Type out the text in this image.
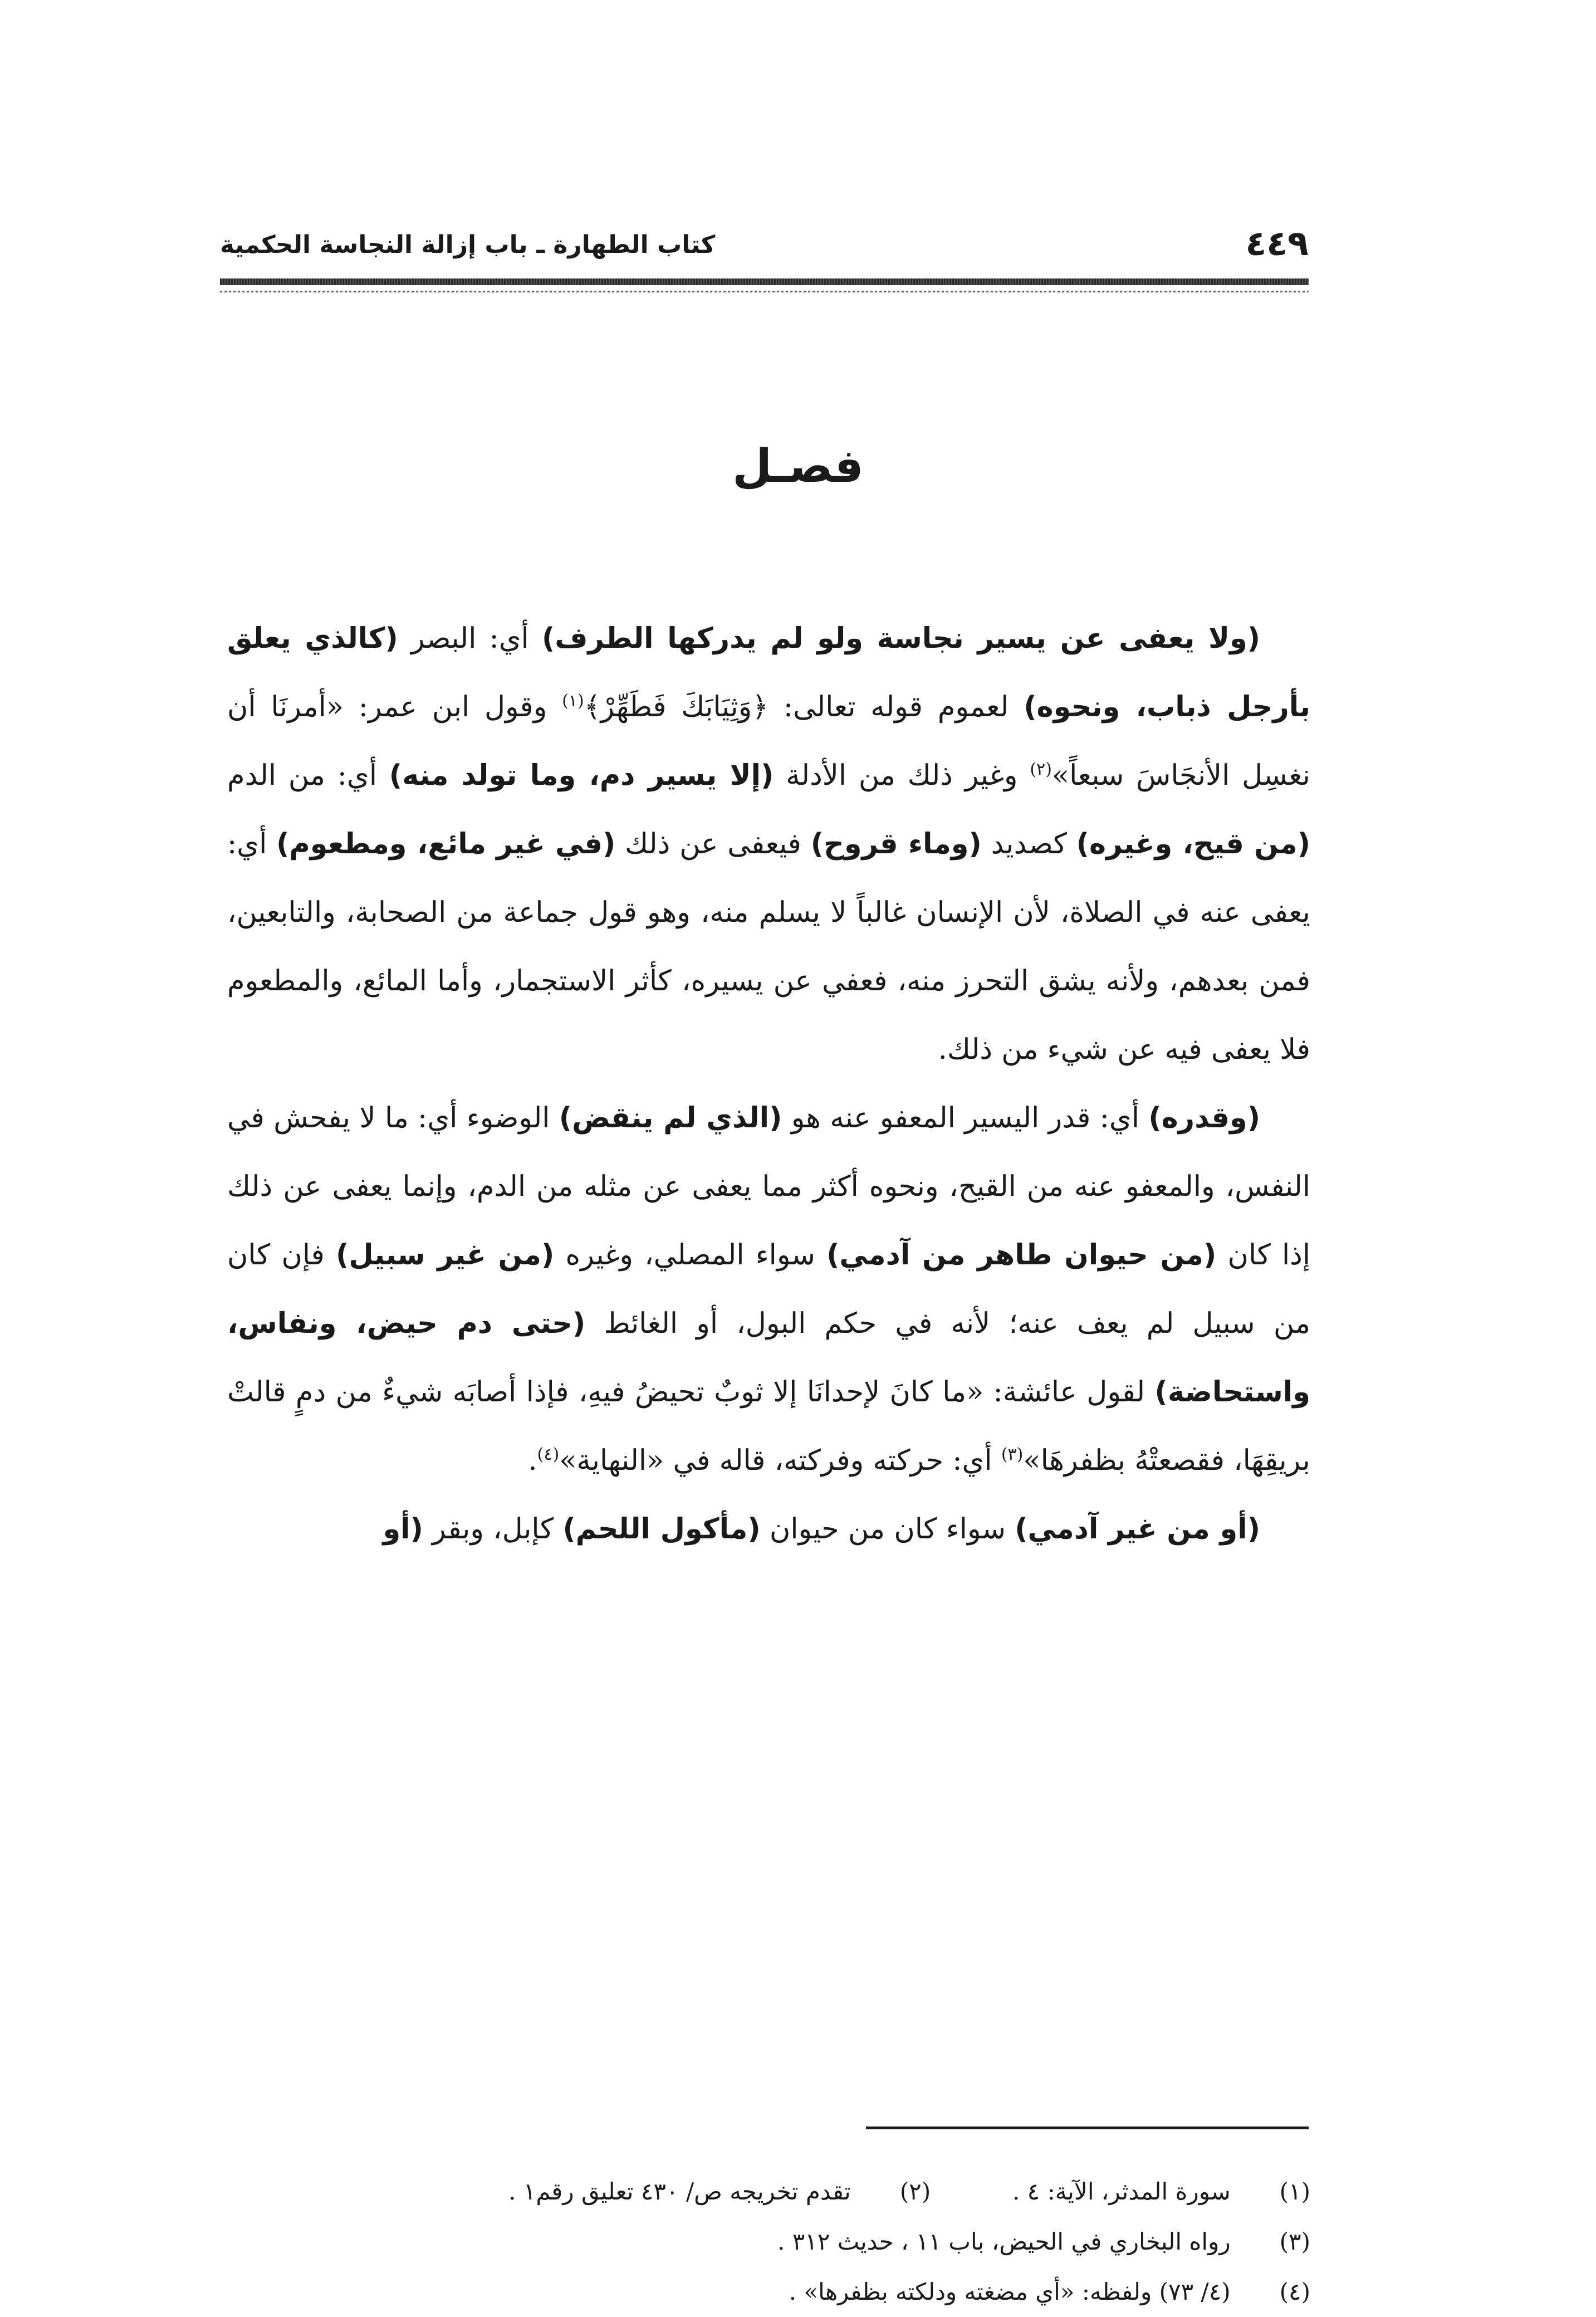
٤٤٩
كتاب الطهارة ـ باب إزالة النجاسة الحكمية
فصـل

(ولا يعفى عن يسير نجاسة ولو لم يدركها الطرف) أي: البصر (كالذي يعلق بأرجل ذباب، ونحوه) لعموم قوله تعالى: ﴿وَثِيَابَكَ فَطَهِّرْ﴾$^{(١)}$ وقول ابن عمر: «أمرنَا أن نغسِل الأنجَاسَ سبعاً»$^{(٢)}$ وغير ذلك من الأدلة (إلا يسير دم، وما تولد منه) أي: من الدم (من قيح، وغيره) كصديد (وماء قروح) فيعفى عن ذلك (في غير مائع، ومطعوم) أي: يعفى عنه في الصلاة، لأن الإنسان غالباً لا يسلم منه، وهو قول جماعة من الصحابة، والتابعين، فمن بعدهم، ولأنه يشق التحرز منه، فعفي عن يسيره، كأثر الاستجمار، وأما المائع، والمطعوم فلا يعفى فيه عن شيء من ذلك.

(وقدره) أي: قدر اليسير المعفو عنه هو (الذي لم ينقض) الوضوء أي: ما لا يفحش في النفس، والمعفو عنه من القيح، ونحوه أكثر مما يعفى عن مثله من الدم، وإنما يعفى عن ذلك إذا كان (من حيوان طاهر من آدمي) سواء المصلي، وغيره (من غير سبيل) فإن كان من سبيل لم يعف عنه؛ لأنه في حكم البول، أو الغائط (حتى دم حيض، ونفاس، واستحاضة) لقول عائشة: «ما كانَ لإحدانَا إلا ثوبٌ تحيضُ فيهِ، فإذا أصابَه شيءٌ من دمٍ قالتْ بريقِهَا، فقصعتْهُ بظفرهَا»$^{(٣)}$ أي: حركته وفركته، قاله في «النهاية»$^{(٤)}$.

(أو من غير آدمي) سواء كان من حيوان (مأكول اللحم) كإبل، وبقر (أو

(١) سورة المدثر، الآية: ٤ .  (٢) تقدم تخريجه ص/ ٤٣٠ تعليق رقم١ .
(٣) رواه البخاري في الحيض، باب ١١ ، حديث ٣١٢ .
(٤) (٤/ ٧٣) ولفظه: «أي مضغته ودلكته بظفرها» .
